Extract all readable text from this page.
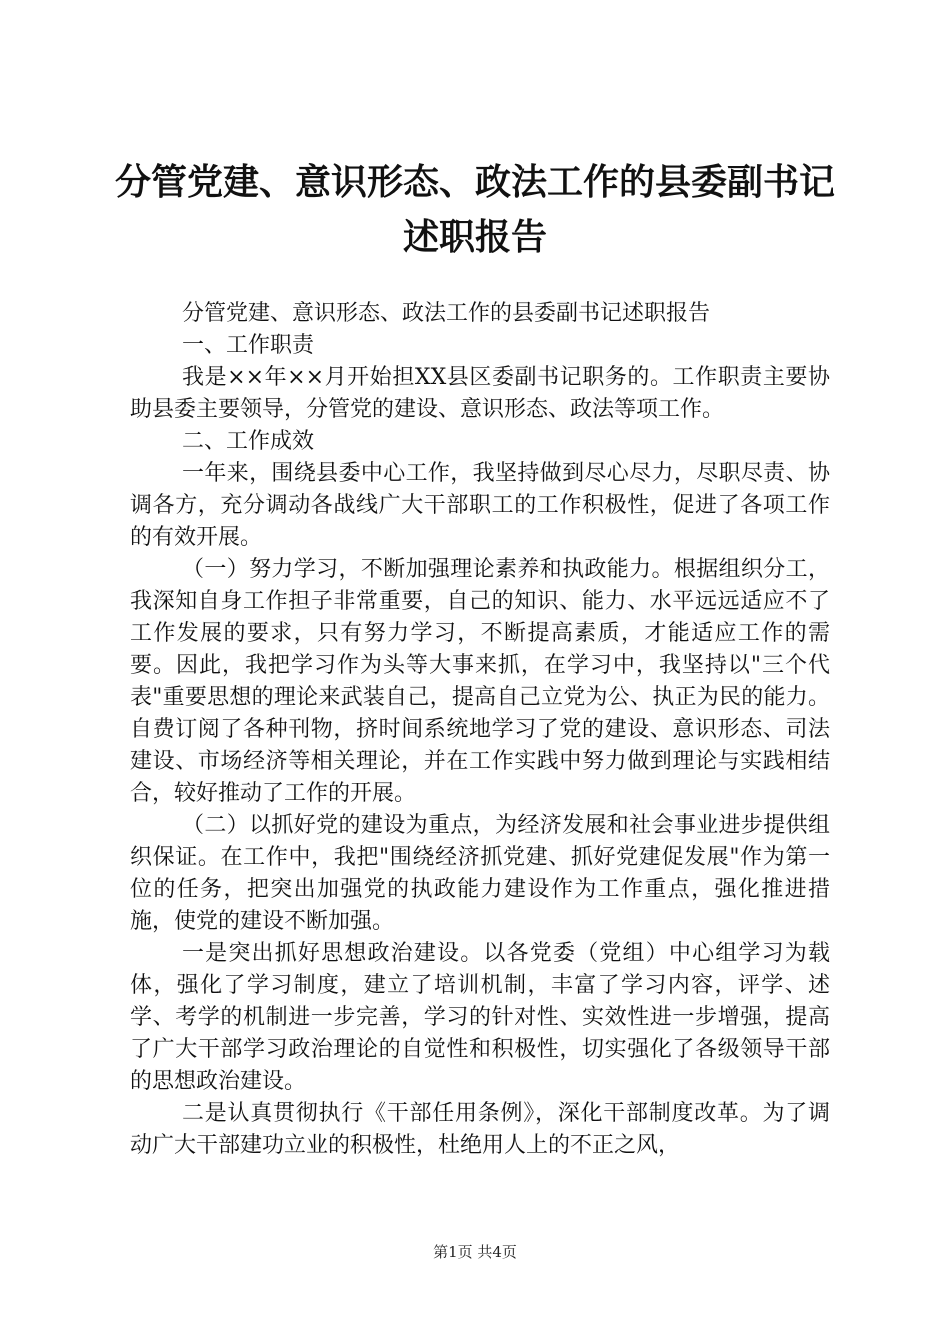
分管党建、意识形态、政法工作的县委副书记
述职报告

分管党建、意识形态、政法工作的县委副书记述职报告

一、工作职责

我是××年××月开始担XX县区委副书记职务的。工作职责主要协助县委主要领导，分管党的建设、意识形态、政法等项工作。

二、工作成效

一年来，围绕县委中心工作，我坚持做到尽心尽力，尽职尽责、协调各方，充分调动各战线广大干部职工的工作积极性，促进了各项工作的有效开展。

（一）努力学习，不断加强理论素养和执政能力。根据组织分工，我深知自身工作担子非常重要，自己的知识、能力、水平远远适应不了工作发展的要求，只有努力学习，不断提高素质，才能适应工作的需要。因此，我把学习作为头等大事来抓，在学习中，我坚持以"三个代表"重要思想的理论来武装自己，提高自己立党为公、执正为民的能力。自费订阅了各种刊物，挤时间系统地学习了党的建设、意识形态、司法建设、市场经济等相关理论，并在工作实践中努力做到理论与实践相结合，较好推动了工作的开展。

（二）以抓好党的建设为重点，为经济发展和社会事业进步提供组织保证。在工作中，我把"围绕经济抓党建、抓好党建促发展"作为第一位的任务，把突出加强党的执政能力建设作为工作重点，强化推进措施，使党的建设不断加强。

一是突出抓好思想政治建设。以各党委（党组）中心组学习为载体，强化了学习制度，建立了培训机制，丰富了学习内容，评学、述学、考学的机制进一步完善，学习的针对性、实效性进一步增强，提高了广大干部学习政治理论的自觉性和积极性，切实强化了各级领导干部的思想政治建设。

二是认真贯彻执行《干部任用条例》，深化干部制度改革。为了调动广大干部建功立业的积极性，杜绝用人上的不正之风，

第1页 共4页
